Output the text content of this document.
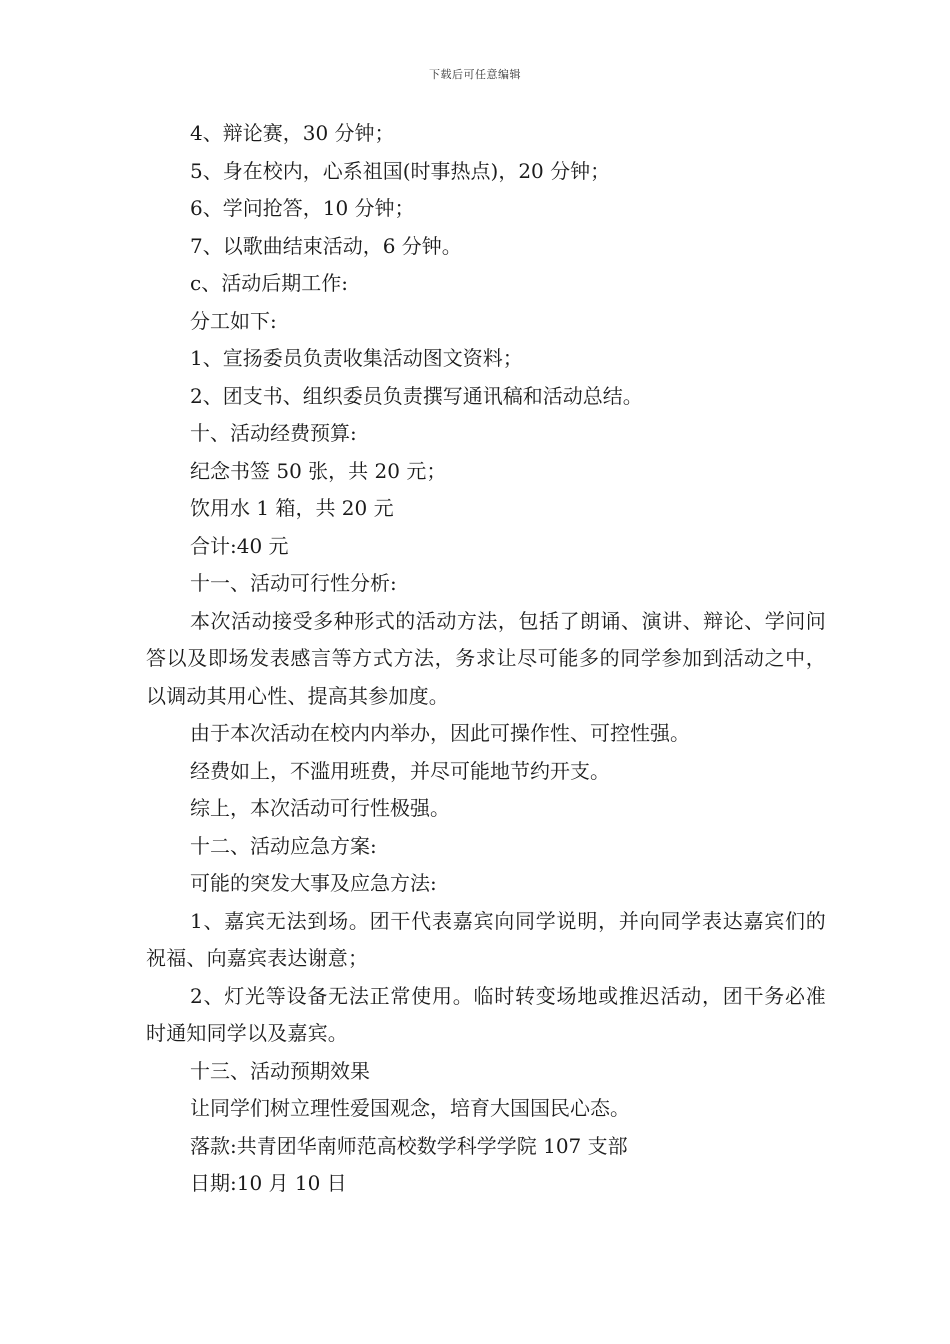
下载后可任意编辑
4、辩论赛，30 分钟；
5、身在校内，心系祖国(时事热点)，20 分钟；
6、学问抢答，10 分钟；
7、以歌曲结束活动，6 分钟。
c、活动后期工作:
分工如下:
1、宣扬委员负责收集活动图文资料；
2、团支书、组织委员负责撰写通讯稿和活动总结。
十、活动经费预算:
纪念书签 50 张，共 20 元；
饮用水 1 箱，共 20 元
合计:40 元
十一、活动可行性分析:
本次活动接受多种形式的活动方法，包括了朗诵、演讲、辩论、学问问答以及即场发表感言等方式方法，务求让尽可能多的同学参加到活动之中，以调动其用心性、提高其参加度。
由于本次活动在校内内举办，因此可操作性、可控性强。
经费如上，不滥用班费，并尽可能地节约开支。
综上，本次活动可行性极强。
十二、活动应急方案:
可能的突发大事及应急方法:
1、嘉宾无法到场。团干代表嘉宾向同学说明，并向同学表达嘉宾们的祝福、向嘉宾表达谢意；
2、灯光等设备无法正常使用。临时转变场地或推迟活动，团干务必准时通知同学以及嘉宾。
十三、活动预期效果
让同学们树立理性爱国观念，培育大国国民心态。
落款:共青团华南师范高校数学科学学院 107 支部
日期:10 月 10 日
